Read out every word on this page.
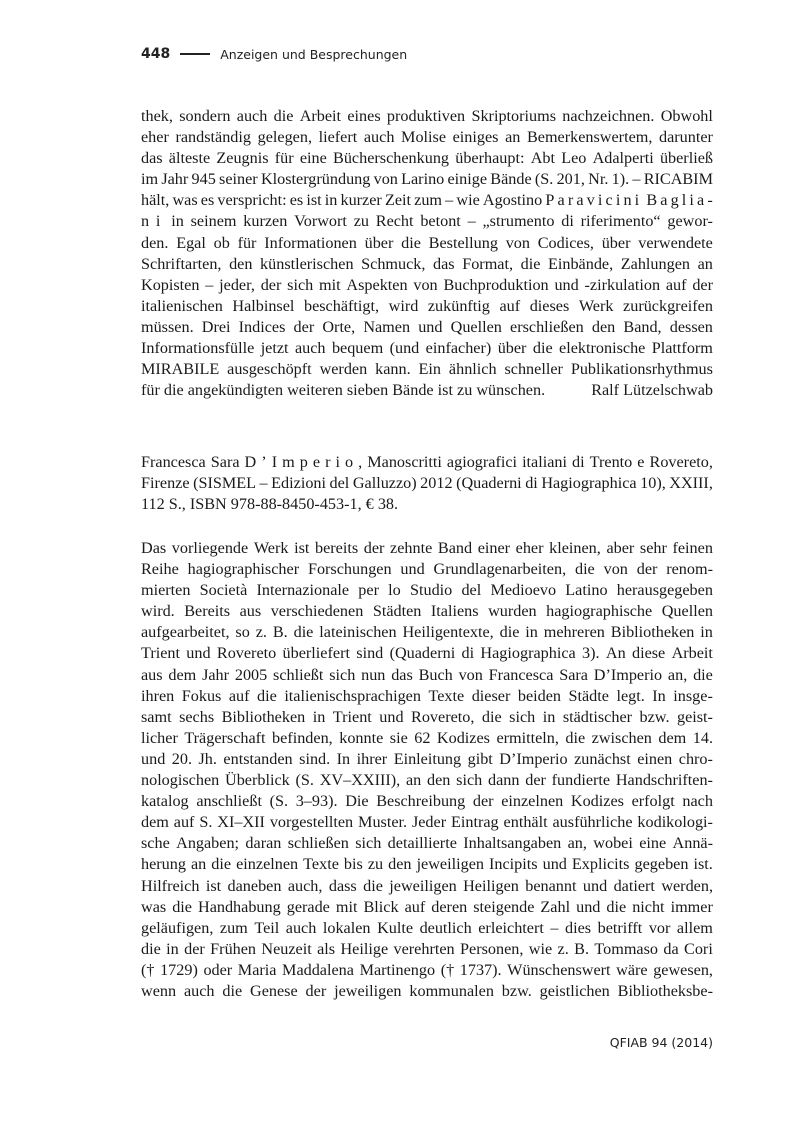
448	Anzeigen und Besprechungen
thek, sondern auch die Arbeit eines produktiven Skriptoriums nachzeichnen. Obwohl
eher randständig gelegen, liefert auch Molise einiges an Bemerkenswertem, darunter
das älteste Zeugnis für eine Bücherschenkung überhaupt: Abt Leo Adalperti überließ
im Jahr 945 seiner Klostergründung von Larino einige Bände (S. 201, Nr. 1). – RICABIM
hält, was es verspricht: es ist in kurzer Zeit zum – wie Agostino P a r a v i c i n i B a g l i a -
n i in seinem kurzen Vorwort zu Recht betont – „strumento di riferimento“ gewor-
den. Egal ob für Informationen über die Bestellung von Codices, über verwendete
Schriftarten, den künstlerischen Schmuck, das Format, die Einbände, Zahlungen an
Kopisten – jeder, der sich mit Aspekten von Buchproduktion und -zirkulation auf der
italienischen Halbinsel beschäftigt, wird zukünftig auf dieses Werk zurückgreifen
müssen. Drei Indices der Orte, Namen und Quellen erschließen den Band, dessen
Informationsfülle jetzt auch bequem (und einfacher) über die elektronische Plattform
MIRABILE ausgeschöpft werden kann. Ein ähnlich schneller Publikationsrhythmus
für die angekündigten weiteren sieben Bände ist zu wünschen.	Ralf Lützelschwab
Francesca Sara D ’ I m p e r i o , Manoscritti agiografici italiani di Trento e Rovereto,
Firenze (SISMEL – Edizioni del Galluzzo) 2012 (Quaderni di Hagiographica 10), XXIII,
112 S., ISBN 978-88-8450-453-1, € 38.
Das vorliegende Werk ist bereits der zehnte Band einer eher kleinen, aber sehr feinen
Reihe hagiographischer Forschungen und Grundlagenarbeiten, die von der renom-
mierten Società Internazionale per lo Studio del Medioevo Latino herausgegeben
wird. Bereits aus verschiedenen Städten Italiens wurden hagiographische Quellen
aufgearbeitet, so z. B. die lateinischen Heiligentexte, die in mehreren Bibliotheken in
Trient und Rovereto überliefert sind (Quaderni di Hagiographica 3). An diese Arbeit
aus dem Jahr 2005 schließt sich nun das Buch von Francesca Sara D’Imperio an, die
ihren Fokus auf die italienischsprachigen Texte dieser beiden Städte legt. In insge-
samt sechs Bibliotheken in Trient und Rovereto, die sich in städtischer bzw. geist-
licher Trägerschaft befinden, konnte sie 62 Kodizes ermitteln, die zwischen dem 14.
und 20. Jh. entstanden sind. In ihrer Einleitung gibt D’Imperio zunächst einen chro-
nologischen Überblick (S. XV–XXIII), an den sich dann der fundierte Handschriften-
katalog anschließt (S. 3–93). Die Beschreibung der einzelnen Kodizes erfolgt nach
dem auf S. XI–XII vorgestellten Muster. Jeder Eintrag enthält ausführliche kodikologi-
sche Angaben; daran schließen sich detaillierte Inhaltsangaben an, wobei eine Annä-
herung an die einzelnen Texte bis zu den jeweiligen Incipits und Explicits gegeben ist.
Hilfreich ist daneben auch, dass die jeweiligen Heiligen benannt und datiert werden,
was die Handhabung gerade mit Blick auf deren steigende Zahl und die nicht immer
geläufigen, zum Teil auch lokalen Kulte deutlich erleichtert – dies betrifft vor allem
die in der Frühen Neuzeit als Heilige verehrten Personen, wie z. B. Tommaso da Cori
(† 1729) oder Maria Maddalena Martinengo († 1737). Wünschenswert wäre gewesen,
wenn auch die Genese der jeweiligen kommunalen bzw. geistlichen Bibliotheksbe-
QFIAB 94 (2014)
